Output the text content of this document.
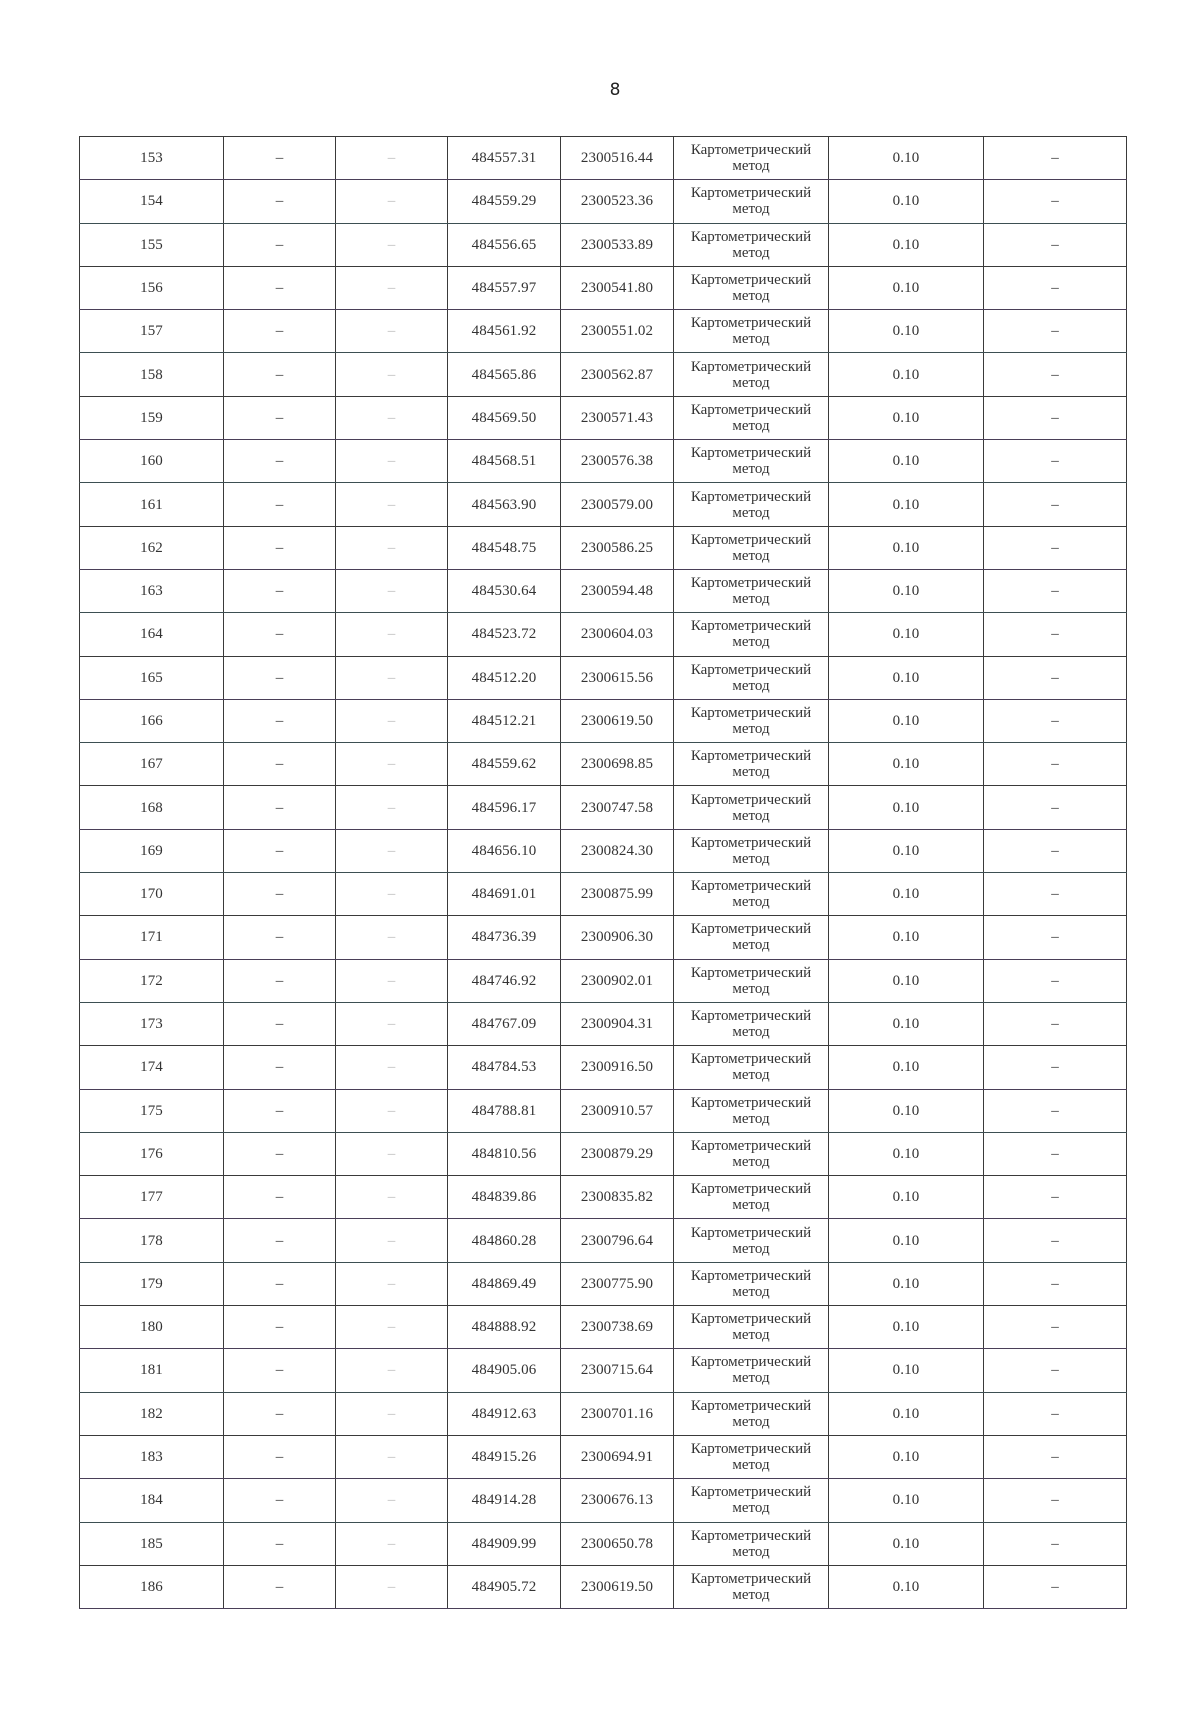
8
153	–	–	484557.31	2300516.44	Картометрический метод	0.10	–
154	–	–	484559.29	2300523.36	Картометрический метод	0.10	–
155	–	–	484556.65	2300533.89	Картометрический метод	0.10	–
156	–	–	484557.97	2300541.80	Картометрический метод	0.10	–
157	–	–	484561.92	2300551.02	Картометрический метод	0.10	–
158	–	–	484565.86	2300562.87	Картометрический метод	0.10	–
159	–	–	484569.50	2300571.43	Картометрический метод	0.10	–
160	–	–	484568.51	2300576.38	Картометрический метод	0.10	–
161	–	–	484563.90	2300579.00	Картометрический метод	0.10	–
162	–	–	484548.75	2300586.25	Картометрический метод	0.10	–
163	–	–	484530.64	2300594.48	Картометрический метод	0.10	–
164	–	–	484523.72	2300604.03	Картометрический метод	0.10	–
165	–	–	484512.20	2300615.56	Картометрический метод	0.10	–
166	–	–	484512.21	2300619.50	Картометрический метод	0.10	–
167	–	–	484559.62	2300698.85	Картометрический метод	0.10	–
168	–	–	484596.17	2300747.58	Картометрический метод	0.10	–
169	–	–	484656.10	2300824.30	Картометрический метод	0.10	–
170	–	–	484691.01	2300875.99	Картометрический метод	0.10	–
171	–	–	484736.39	2300906.30	Картометрический метод	0.10	–
172	–	–	484746.92	2300902.01	Картометрический метод	0.10	–
173	–	–	484767.09	2300904.31	Картометрический метод	0.10	–
174	–	–	484784.53	2300916.50	Картометрический метод	0.10	–
175	–	–	484788.81	2300910.57	Картометрический метод	0.10	–
176	–	–	484810.56	2300879.29	Картометрический метод	0.10	–
177	–	–	484839.86	2300835.82	Картометрический метод	0.10	–
178	–	–	484860.28	2300796.64	Картометрический метод	0.10	–
179	–	–	484869.49	2300775.90	Картометрический метод	0.10	–
180	–	–	484888.92	2300738.69	Картометрический метод	0.10	–
181	–	–	484905.06	2300715.64	Картометрический метод	0.10	–
182	–	–	484912.63	2300701.16	Картометрический метод	0.10	–
183	–	–	484915.26	2300694.91	Картометрический метод	0.10	–
184	–	–	484914.28	2300676.13	Картометрический метод	0.10	–
185	–	–	484909.99	2300650.78	Картометрический метод	0.10	–
186	–	–	484905.72	2300619.50	Картометрический метод	0.10	–
